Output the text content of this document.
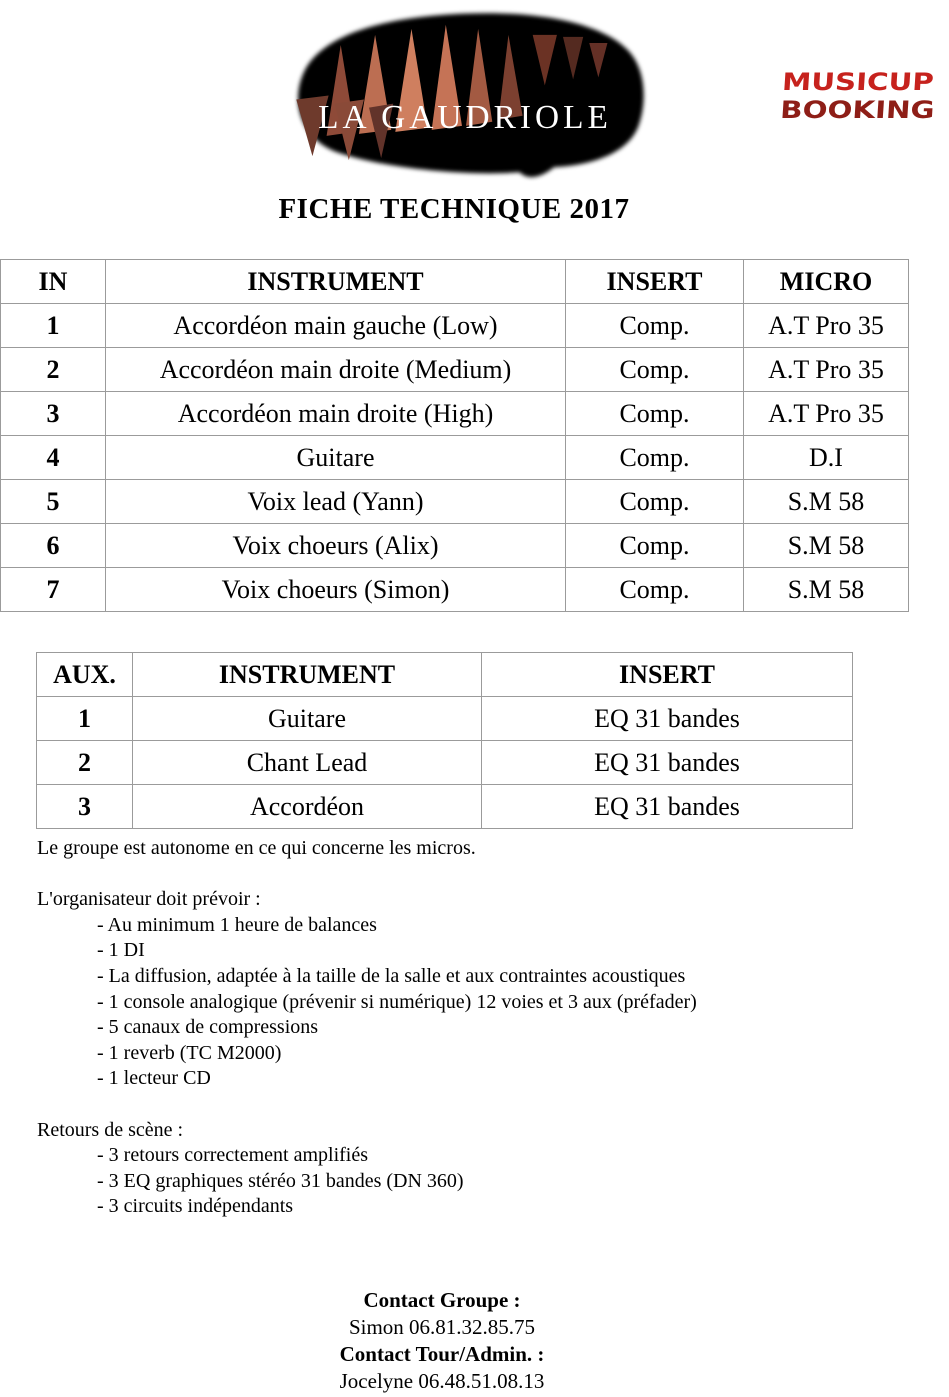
LA GAUDRIOLE
MUSICUP
BOOKING
FICHE TECHNIQUE 2017
IN	INSTRUMENT	INSERT	MICRO
1	Accordéon main gauche (Low)	Comp.	A.T Pro 35
2	Accordéon main droite (Medium)	Comp.	A.T Pro 35
3	Accordéon main droite (High)	Comp.	A.T Pro 35
4	Guitare	Comp.	D.I
5	Voix lead (Yann)	Comp.	S.M 58
6	Voix choeurs (Alix)	Comp.	S.M 58
7	Voix choeurs (Simon)	Comp.	S.M 58
AUX.	INSTRUMENT	INSERT
1	Guitare	EQ 31 bandes
2	Chant Lead	EQ 31 bandes
3	Accordéon	EQ 31 bandes
Le groupe est autonome en ce qui concerne les micros.
L'organisateur doit prévoir :
- Au minimum 1 heure de balances
- 1 DI
- La diffusion, adaptée à la taille de la salle et aux contraintes acoustiques
- 1 console analogique (prévenir si numérique) 12 voies et 3 aux (préfader)
- 5 canaux de compressions
- 1 reverb (TC M2000)
- 1 lecteur CD
Retours de scène :
- 3 retours correctement amplifiés
- 3 EQ graphiques stéréo 31 bandes (DN 360)
- 3 circuits indépendants
Contact Groupe :
Simon 06.81.32.85.75
Contact Tour/Admin. :
Jocelyne 06.48.51.08.13
